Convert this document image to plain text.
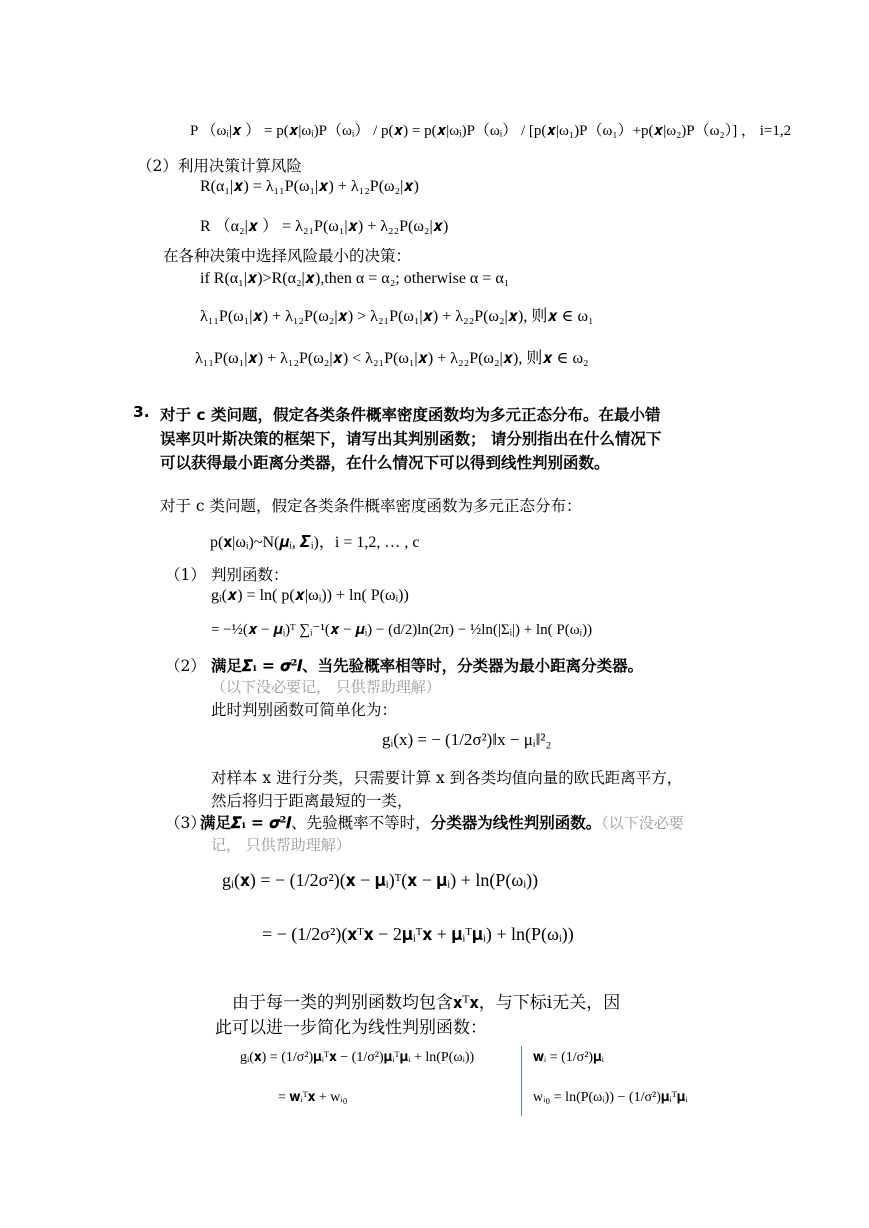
P （ωᵢ|𝒙 ） = p(𝒙|ωᵢ)P（ωᵢ） / p(𝒙) = p(𝒙|ωᵢ)P（ωᵢ） / [p(𝒙|ω₁)P（ω₁）+p(𝒙|ω₂)P（ω₂）] ， i=1,2
（2）利用决策计算风险
R(α₁|𝒙) = λ₁₁P(ω₁|𝒙) + λ₁₂P(ω₂|𝒙)
R （α₂|𝒙 ） = λ₂₁P(ω₁|𝒙) + λ₂₂P(ω₂|𝒙)
在各种决策中选择风险最小的决策：
if R(α₁|𝒙)>R(α₂|𝒙),then α = α₂; otherwise α = α₁
λ₁₁P(ω₁|𝒙) + λ₁₂P(ω₂|𝒙) > λ₂₁P(ω₁|𝒙) + λ₂₂P(ω₂|𝒙), 则𝒙 ∈ ω₁
λ₁₁P(ω₁|𝒙) + λ₁₂P(ω₂|𝒙) < λ₂₁P(ω₁|𝒙) + λ₂₂P(ω₂|𝒙), 则𝒙 ∈ ω₂
3. 对于 c 类问题，假定各类条件概率密度函数均为多元正态分布。在最小错
误率贝叶斯决策的框架下，请写出其判别函数； 请分别指出在什么情况下
可以获得最小距离分类器，在什么情况下可以得到线性判别函数。
对于 c 类问题，假定各类条件概率密度函数为多元正态分布：
p(𝐱|ωᵢ)~N(𝝁ᵢ, 𝜮ᵢ)，i = 1,2, … , c
（1） 判别函数：
gᵢ(𝒙) = ln( p(𝒙|ωᵢ)) + ln( P(ωᵢ))
= −½(𝒙 − 𝝁ᵢ)ᵀ ∑ᵢ⁻¹(𝒙 − 𝝁ᵢ) − (d/2)ln(2π) − ½ln(|Σᵢ|) + ln( P(ωᵢ))
（2） 满足𝜮ᵢ = 𝝈²𝑰、当先验概率相等时，分类器为最小距离分类器。
（以下没必要记， 只供帮助理解）
此时判别函数可简单化为：
gᵢ(x) = − (1/2σ²)‖x − μᵢ‖²₂
对样本 x 进行分类，只需要计算 x 到各类均值向量的欧氏距离平方，
然后将归于距离最短的一类，
（3）
满足𝜮ᵢ = 𝝈²𝑰、先验概率不等时，分类器为线性判别函数。（以下没必要
记， 只供帮助理解）
gᵢ(𝐱) = − (1/2σ²)(𝐱 − 𝛍ᵢ)ᵀ(𝐱 − 𝛍ᵢ) + ln(P(ωᵢ))
= − (1/2σ²)(𝐱ᵀ𝐱 − 2𝛍ᵢᵀ𝐱 + 𝛍ᵢᵀ𝛍ᵢ) + ln(P(ωᵢ))
由于每一类的判别函数均包含𝐱ᵀ𝐱，与下标i无关，因
此可以进一步简化为线性判别函数：
gᵢ(𝐱) = (1/σ²)𝛍ᵢᵀ𝐱 − (1/σ²)𝛍ᵢᵀ𝛍ᵢ + ln(P(ωᵢ))
= 𝐰ᵢᵀ𝐱 + wᵢ₀
𝐰ᵢ = (1/σ²)𝛍ᵢ
wᵢ₀ = ln(P(ωᵢ)) − (1/σ²)𝛍ᵢᵀ𝛍ᵢ
